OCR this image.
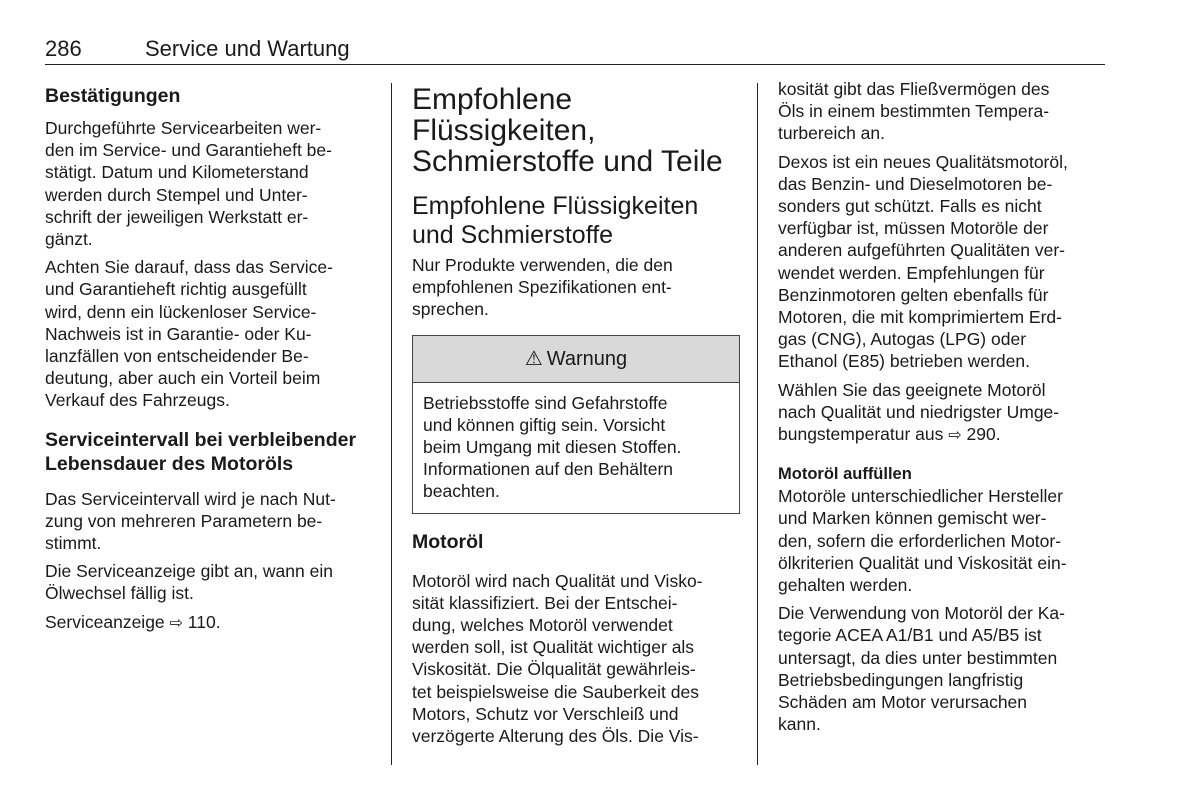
286	Service und Wartung
Bestätigungen

Durchgeführte Servicearbeiten wer-
den im Service- und Garantieheft be-
stätigt. Datum und Kilometerstand
werden durch Stempel und Unter-
schrift der jeweiligen Werkstatt er-
gänzt.

Achten Sie darauf, dass das Service-
und Garantieheft richtig ausgefüllt
wird, denn ein lückenloser Service-
Nachweis ist in Garantie- oder Ku-
lanzfällen von entscheidender Be-
deutung, aber auch ein Vorteil beim
Verkauf des Fahrzeugs.

Serviceintervall bei verbleibender
Lebensdauer des Motoröls

Das Serviceintervall wird je nach Nut-
zung von mehreren Parametern be-
stimmt.

Die Serviceanzeige gibt an, wann ein
Ölwechsel fällig ist.

Serviceanzeige ⇨ 110.

Empfohlene
Flüssigkeiten,
Schmierstoffe und Teile
Empfohlene Flüssigkeiten
und Schmierstoffe

Nur Produkte verwenden, die den
empfohlenen Spezifikationen ent-
sprechen.

⚠ Warnung
Betriebsstoffe sind Gefahrstoffe
und können giftig sein. Vorsicht
beim Umgang mit diesen Stoffen.
Informationen auf den Behältern
beachten.
Motoröl

Motoröl wird nach Qualität und Visko-
sität klassifiziert. Bei der Entschei-
dung, welches Motoröl verwendet
werden soll, ist Qualität wichtiger als
Viskosität. Die Ölqualität gewährleis-
tet beispielsweise die Sauberkeit des
Motors, Schutz vor Verschleiß und
verzögerte Alterung des Öls. Die Vis-

kosität gibt das Fließvermögen des
Öls in einem bestimmten Tempera-
turbereich an.

Dexos ist ein neues Qualitätsmotoröl,
das Benzin- und Dieselmotoren be-
sonders gut schützt. Falls es nicht
verfügbar ist, müssen Motoröle der
anderen aufgeführten Qualitäten ver-
wendet werden. Empfehlungen für
Benzinmotoren gelten ebenfalls für
Motoren, die mit komprimiertem Erd-
gas (CNG), Autogas (LPG) oder
Ethanol (E85) betrieben werden.

Wählen Sie das geeignete Motoröl
nach Qualität und niedrigster Umge-
bungstemperatur aus ⇨ 290.

Motoröl auffüllen

Motoröle unterschiedlicher Hersteller
und Marken können gemischt wer-
den, sofern die erforderlichen Motor-
ölkriterien Qualität und Viskosität ein-
gehalten werden.

Die Verwendung von Motoröl der Ka-
tegorie ACEA A1/B1 und A5/B5 ist
untersagt, da dies unter bestimmten
Betriebsbedingungen langfristig
Schäden am Motor verursachen
kann.
